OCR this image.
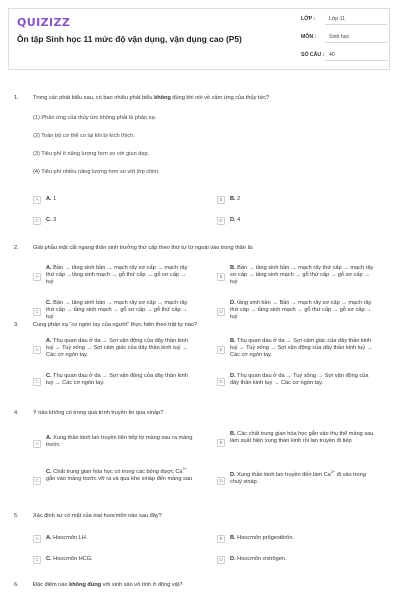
QUIZIZZ
Ôn tập Sinh học 11 mức độ vận dụng, vận dụng cao (P5)
LỚP :	Lớp 11
MÔN : Sinh học
SỐ CÂU : 40
1.	Trong các phát biểu sau, có bao nhiêu phát biểu không đúng khi nói về cảm ứng của thủy tức?
(1) Phản ứng của thủy tức không phải là phản xạ.
(2) Toàn bộ cơ thể co lại khi bị kích thích.
(3) Tiêu phí ít năng lượng hơn so với giun dẹp.
(4) Tiêu phí nhiều năng lượng hơn so với lớp chim.
A	A. 1	B	B. 2
C	C. 3	D	D. 4
2.	Giải phẫu mặt cắt ngang thân sinh trưởng thứ cấp theo thứ tự từ ngoài vào trong thân là:
A
A. Bần → tầng sinh bần → mạch rây sơ cấp → mạch rây thứ cấp →tầng sinh mạch → gỗ thứ cấp → gỗ sơ cấp → tuỷ
B
B. Bần → tầng sinh bần → mạch rây thứ cấp → mạch rây sơ cấp → tầng sinh mạch → gỗ thứ cấp → gỗ sơ cấp → tuỷ
C
C. Bần → tầng sinh bần → mạch rây sơ cấp → mạch rây thứ cấp → tầng sinh mạch → gỗ sơ cấp → gỗ thứ cấp → tuỷ
D
D. tầng sinh bần → Bần → mạch rây sơ cấp → mạch rây thứ cấp → tầng sinh mạch → gỗ thứ cấp → gỗ sơ cấp → tuỷ
3.	Cung phản xạ "co ngón tay của người" thực hiện theo trật tự nào?
A
A. Thụ quan đau ở da → Sợi vận động của dây thần kinh tuỷ → Tuỷ sống → Sợi cảm giác của dây thần kinh tuỷ → Các cơ ngón tay.
B
B. Thụ quan đau ở da → Sợi cảm giác của dây thần kinh tuỷ → Tuỷ sống → Sợi vận động của dây thần kinh tuỷ → Các cơ ngón tay.
C
C. Thụ quan đau ở da → Sợi vận động của dây thần kinh tuỷ → Các cơ ngón tay.	D
D. Thụ quan đau ở da → Tuỷ sống → Sợi vận động của dây thần kinh tuỷ → Các cơ ngón tay.
4.	Ý nào không có trong quá trình truyền tin qua xináp?
A
A. Xung thần kinh lan truyền liên tiếp từ màng sau ra màng trước	B
B. Các chất trung gian hóa học gắn vào thụ thể màng sau làm xuất hiện xung thần kinh rồi lan truyền đi tiếp
C
C. Chất trung gian hóa học có trong các bóng được $Ca^{2+}$ gắn vào màng trước vỡ ra và qua khe xináp đến màng sau	D
D. Xung thần kinh lan truyền đến làm $Ca^{2+}$ đi vào trong chuỳ xináp.
5.	Xác định sự có mặt của loại hoocmôn nào sau đây?
A	A. Hoocmôn LH.	B	B. Hoocmôn prôgestêrôn.
C	C. Hoocmôn HCG.	D	D. Hoocmôn ơstrôgen.
6.	Đặc điểm nào không đúng với sinh sản vô tính ở động vật?
